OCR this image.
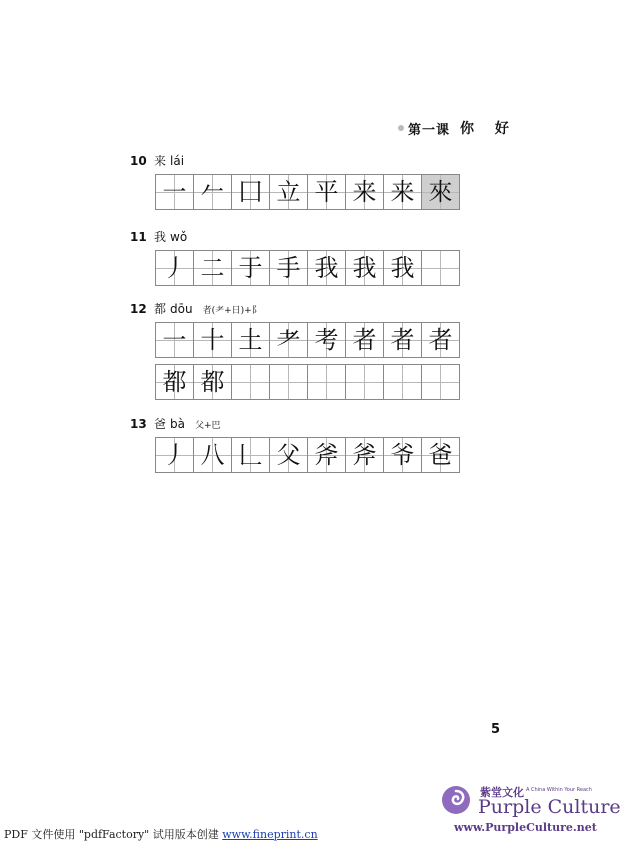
第一课 你 好
10 来 lái
一 𠂉 ⼞ 立 平 来 来 來
11 我 wǒ
丿 二 于 手 我 我 我
12 都 dōu 者(耂+日)+阝
一 十 土 耂 考 者 者 者
都 都
13 爸 bà 父+巴
丿 八 𠃊 父 斧 斧 爷 爸
5
PDF 文件使用 "pdfFactory" 试用版本创建 www.fineprint.cn
紫堂文化 A China Within Your Reach
Purple Culture
www.PurpleCulture.net
